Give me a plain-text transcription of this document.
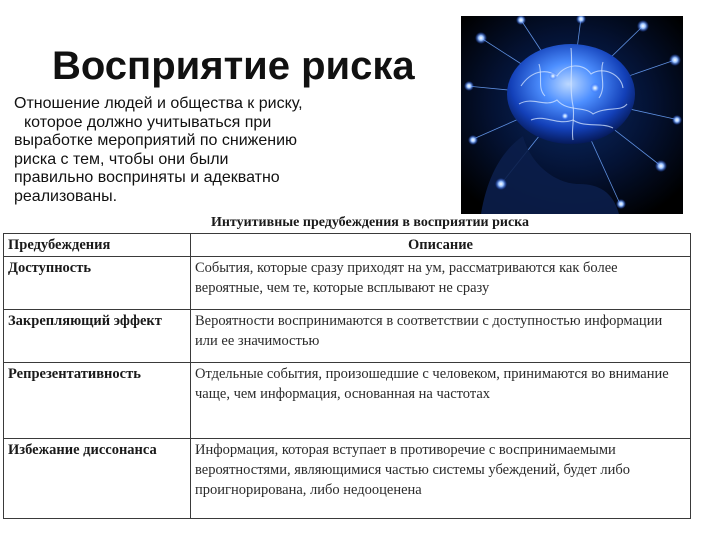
Восприятие риска
Отношение людей и общества к риску,
которое должно учитываться при
выработке мероприятий по снижению
риска с тем, чтобы они были
правильно восприняты и адекватно
реализованы.
Интуитивные предубеждения в восприятии риска
Предубеждения	Описание
Доступность	События, которые сразу приходят на ум, рассматриваются как более вероятные, чем те, которые всплывают не сразу
Закрепляющий эффект	Вероятности воспринимаются в соответствии с доступностью информации или ее значимостью
Репрезентативность	Отдельные события, произошедшие с человеком, принимаются во внимание чаще, чем информация, основанная на частотах
Избежание диссонанса	Информация, которая вступает в противоречие с воспринимаемыми вероятностями, являющимися частью системы убеждений, будет либо проигнорирована, либо недооценена
